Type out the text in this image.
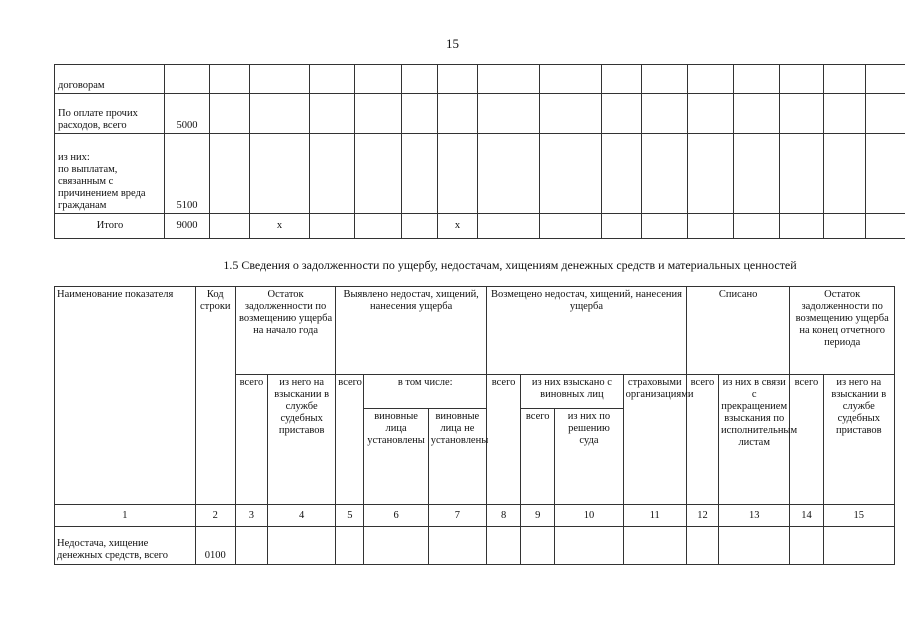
15
договорам																
По оплате прочих расходов, всего	5000															
из них:
по выплатам, связанным с причинением вреда гражданам	5100															
Итого	9000		x				x									
1.5 Сведения о задолженности по ущербу, недостачам, хищениям денежных средств и материальных ценностей
Наименование показателя	Код строки	Остаток задолженности по возмещению ущерба на начало года		Выявлено недостач, хищений, нанесения ущерба			Возмещено недостач, хищений, нанесения ущерба				Списано		Остаток задолженности по возмещению ущерба на конец отчетного периода	
		всего	из него на взыскании в службе судебных приставов	всего	в том числе:		всего	из них взыскано с виновных лиц		страховыми организациями	всего	из них в связи с прекращением взыскания по исполнительным листам	всего	из него на взыскании в службе судебных приставов
					виновные лица установлены	виновные лица не установлены		всего	из них по решению суда					
1	2	3	4	5	6	7	8	9	10	11	12	13	14	15
Недостача, хищение денежных средств, всего	0100													
